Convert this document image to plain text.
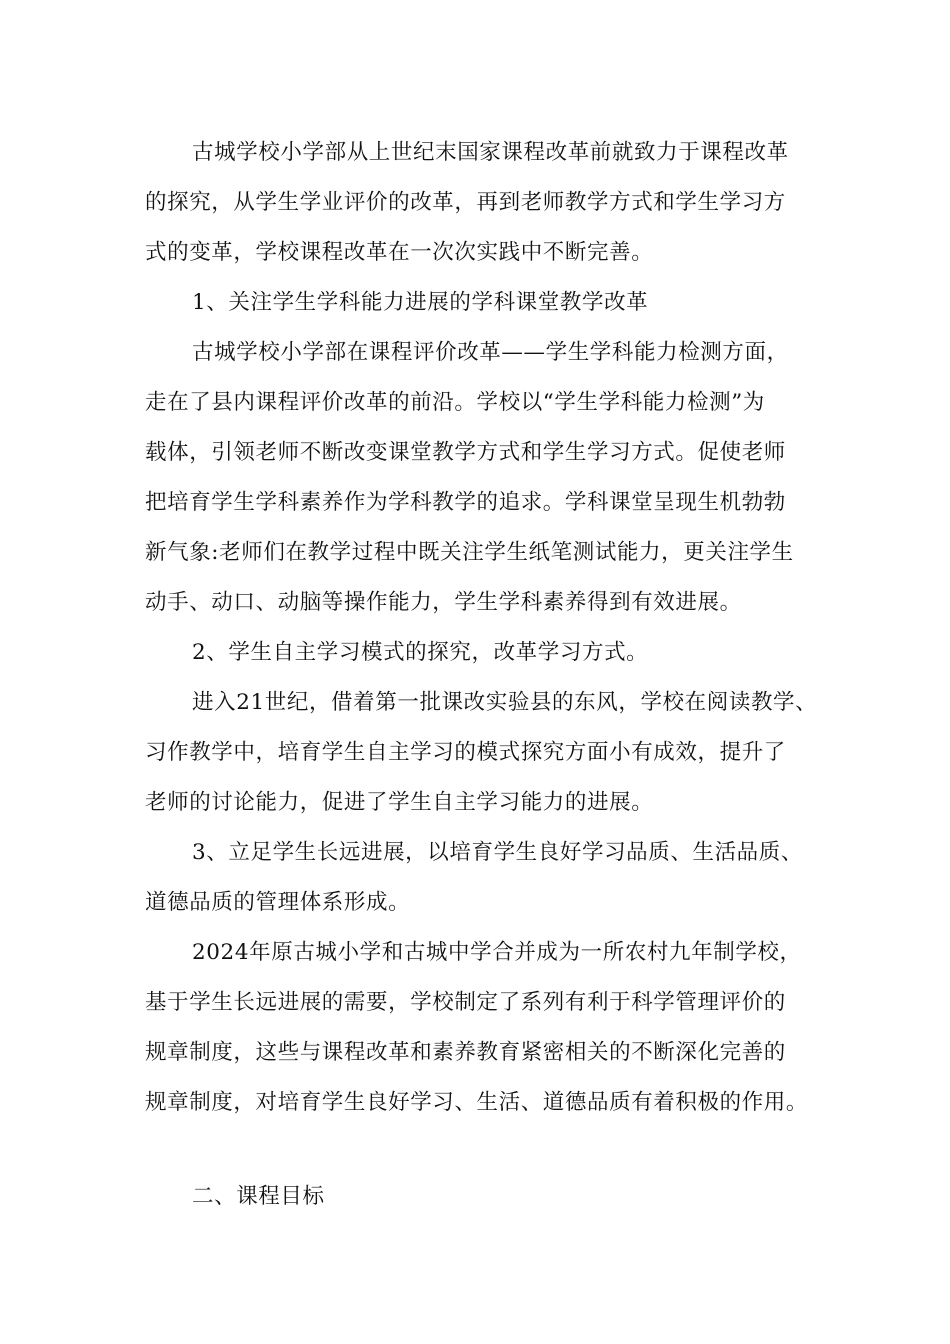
古城学校小学部从上世纪末国家课程改革前就致力于课程改革
的探究，从学生学业评价的改革，再到老师教学方式和学生学习方
式的变革，学校课程改革在一次次实践中不断完善。
1、关注学生学科能力进展的学科课堂教学改革
古城学校小学部在课程评价改革——学生学科能力检测方面，
走在了县内课程评价改革的前沿。学校以“学生学科能力检测”为
载体，引领老师不断改变课堂教学方式和学生学习方式。促使老师
把培育学生学科素养作为学科教学的追求。学科课堂呈现生机勃勃
新气象:老师们在教学过程中既关注学生纸笔测试能力，更关注学生
动手、动口、动脑等操作能力，学生学科素养得到有效进展。
2、学生自主学习模式的探究，改革学习方式。
进入21世纪，借着第一批课改实验县的东风，学校在阅读教学、
习作教学中，培育学生自主学习的模式探究方面小有成效，提升了
老师的讨论能力，促进了学生自主学习能力的进展。
3、立足学生长远进展，以培育学生良好学习品质、生活品质、
道德品质的管理体系形成。
2024年原古城小学和古城中学合并成为一所农村九年制学校，
基于学生长远进展的需要，学校制定了系列有利于科学管理评价的
规章制度，这些与课程改革和素养教育紧密相关的不断深化完善的
规章制度，对培育学生良好学习、生活、道德品质有着积极的作用。
二、课程目标
